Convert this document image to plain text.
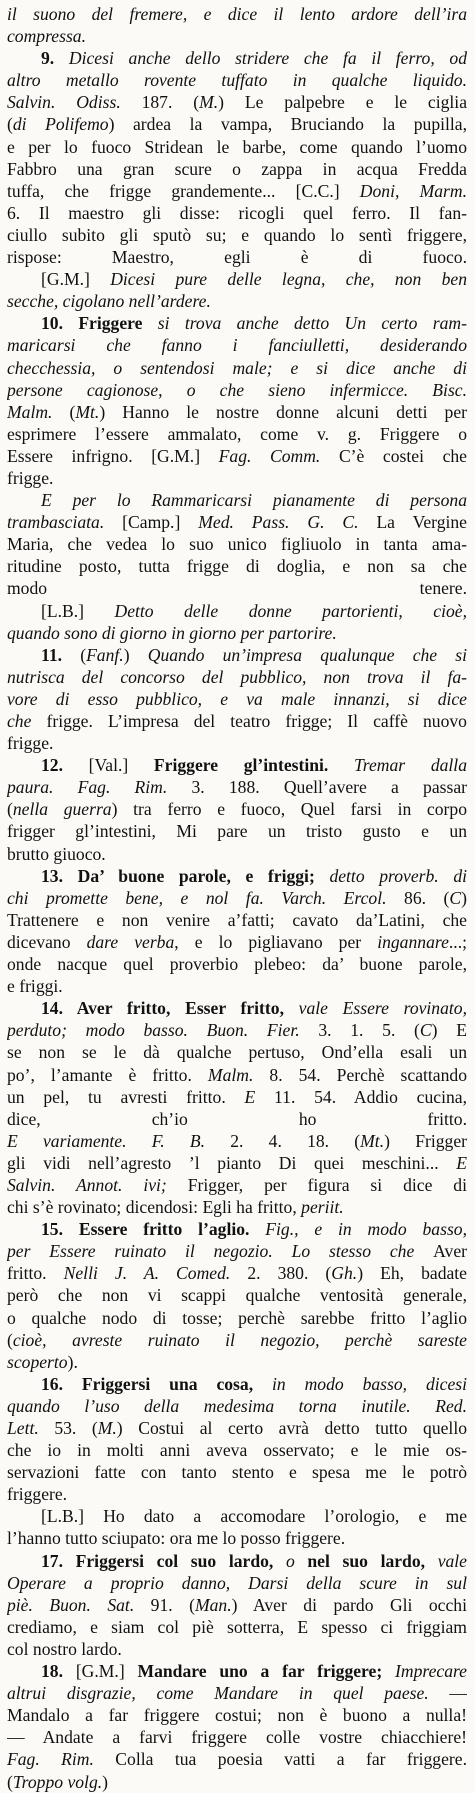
il suono del fremere, e dice il lento ardore dell’ira
compressa.
9. Dicesi anche dello stridere che fa il ferro, od
altro metallo rovente tuffato in qualche liquido.
Salvin. Odiss. 187. (M.) Le palpebre e le ciglia
(di Polifemo) ardea la vampa, Bruciando la pupilla,
e per lo fuoco Stridean le barbe, come quando l’uomo
Fabbro una gran scure o zappa in acqua Fredda
tuffa, che frigge grandemente... [C.C.] Doni, Marm.
6. Il maestro gli disse: ricogli quel ferro. Il fan-
ciullo subito gli sputò su; e quando lo sentì friggere,
rispose: Maestro, egli è di fuoco.
[G.M.] Dicesi pure delle legna, che, non ben
secche, cigolano nell’ardere.
10. Friggere si trova anche detto Un certo ram-
maricarsi che fanno i fanciulletti, desiderando
checchessia, o sentendosi male; e si dice anche di
persone cagionose, o che sieno infermicce. Bisc.
Malm. (Mt.) Hanno le nostre donne alcuni detti per
esprimere l’essere ammalato, come v. g. Friggere o
Essere infrigno. [G.M.] Fag. Comm. C’è costei che
frigge.
E per lo Rammaricarsi pianamente di persona
trambasciata. [Camp.] Med. Pass. G. C. La Vergine
Maria, che vedea lo suo unico figliuolo in tanta ama-
ritudine posto, tutta frigge di doglia, e non sa che
modo tenere.
[L.B.] Detto delle donne partorienti, cioè,
quando sono di giorno in giorno per partorire.
11. (Fanf.) Quando un’impresa qualunque che si
nutrisca del concorso del pubblico, non trova il fa-
vore di esso pubblico, e va male innanzi, si dice
che frigge. L’impresa del teatro frigge; Il caffè nuovo
frigge.
12. [Val.] Friggere gl’intestini. Tremar dalla
paura. Fag. Rim. 3. 188. Quell’avere a passar
(nella guerra) tra ferro e fuoco, Quel farsi in corpo
frigger gl’intestini, Mi pare un tristo gusto e un
brutto giuoco.
13. Da’ buone parole, e friggi; detto proverb. di
chi promette bene, e nol fa. Varch. Ercol. 86. (C)
Trattenere e non venire a’fatti; cavato da’Latini, che
dicevano dare verba, e lo pigliavano per ingannare...;
onde nacque quel proverbio plebeo: da’ buone parole,
e friggi.
14. Aver fritto, Esser fritto, vale Essere rovinato,
perduto; modo basso. Buon. Fier. 3. 1. 5. (C) E
se non se le dà qualche pertuso, Ond’ella esali un
po’, l’amante è fritto. Malm. 8. 54. Perchè scattando
un pel, tu avresti fritto. E 11. 54. Addio cucina,
dice, ch’io ho fritto.
E variamente. F. B. 2. 4. 18. (Mt.) Frigger
gli vidi nell’agresto ’l pianto Di quei meschini... E
Salvin. Annot. ivi; Frigger, per figura si dice di
chi s’è rovinato; dicendosi: Egli ha fritto, periit.
15. Essere fritto l’aglio. Fig., e in modo basso,
per Essere ruinato il negozio. Lo stesso che Aver
fritto. Nelli J. A. Comed. 2. 380. (Gh.) Eh, badate
però che non vi scappi qualche ventosità generale,
o qualche nodo di tosse; perchè sarebbe fritto l’aglio
(cioè, avreste ruinato il negozio, perchè sareste
scoperto).
16. Friggersi una cosa, in modo basso, dicesi
quando l’uso della medesima torna inutile. Red.
Lett. 53. (M.) Costui al certo avrà detto tutto quello
che io in molti anni aveva osservato; e le mie os-
servazioni fatte con tanto stento e spesa me le potrò
friggere.
[L.B.] Ho dato a accomodare l’orologio, e me
l’hanno tutto sciupato: ora me lo posso friggere.
17. Friggersi col suo lardo, o nel suo lardo, vale
Operare a proprio danno, Darsi della scure in sul
piè. Buon. Sat. 91. (Man.) Aver di pardo Gli occhi
crediamo, e siam col piè sotterra, E spesso ci friggiam
col nostro lardo.
18. [G.M.] Mandare uno a far friggere; Imprecare
altrui disgrazie, come Mandare in quel paese. —
Mandalo a far friggere costui; non è buono a nulla!
— Andate a farvi friggere colle vostre chiacchiere!
Fag. Rim. Colla tua poesia vatti a far friggere.
(Troppo volg.)
